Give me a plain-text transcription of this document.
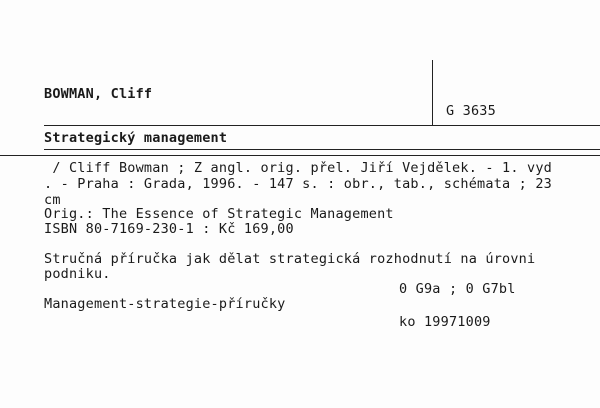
BOWMAN, Cliff
G 3635
Strategický management
/ Cliff Bowman ; Z angl. orig. přel. Jiří Vejdělek. - 1. vyd
. - Praha : Grada, 1996. - 147 s. : obr., tab., schémata ; 23
cm
Orig.: The Essence of Strategic Management
ISBN 80-7169-230-1 : Kč 169,00
Stručná příručka jak dělat strategická rozhodnutí na úrovni
podniku.
0 G9a ; 0 G7bl
Management-strategie-příručky
ko 19971009
